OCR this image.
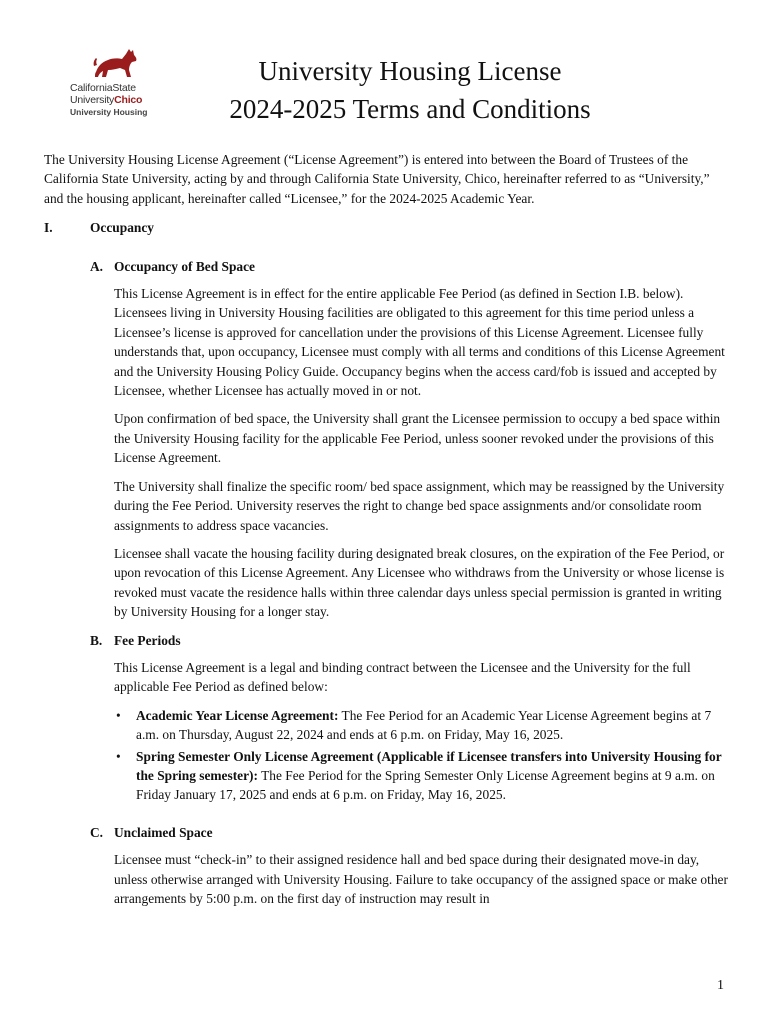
CaliforniaState
UniversityChico
University Housing
University Housing License
2024-2025 Terms and Conditions

The University Housing License Agreement (“License Agreement”) is entered into between the Board of Trustees of the California State University, acting by and through California State University, Chico, hereinafter referred to as “University,” and the housing applicant, hereinafter called “Licensee,” for the 2024-2025 Academic Year.

I.	Occupancy
A. Occupancy of Bed Space

This License Agreement is in effect for the entire applicable Fee Period (as defined in Section I.B. below). Licensees living in University Housing facilities are obligated to this agreement for this time period unless a Licensee’s license is approved for cancellation under the provisions of this License Agreement. Licensee fully understands that, upon occupancy, Licensee must comply with all terms and conditions of this License Agreement and the University Housing Policy Guide. Occupancy begins when the access card/fob is issued and accepted by Licensee, whether Licensee has actually moved in or not.

Upon confirmation of bed space, the University shall grant the Licensee permission to occupy a bed space within the University Housing facility for the applicable Fee Period, unless sooner revoked under the provisions of this License Agreement.

The University shall finalize the specific room/ bed space assignment, which may be reassigned by the University during the Fee Period. University reserves the right to change bed space assignments and/or consolidate room assignments to address space vacancies.

Licensee shall vacate the housing facility during designated break closures, on the expiration of the Fee Period, or upon revocation of this License Agreement. Any Licensee who withdraws from the University or whose license is revoked must vacate the residence halls within three calendar days unless special permission is granted in writing by University Housing for a longer stay.

B. Fee Periods

This License Agreement is a legal and binding contract between the Licensee and the University for the full applicable Fee Period as defined below:

• Academic Year License Agreement: The Fee Period for an Academic Year License Agreement begins at 7 a.m. on Thursday, August 22, 2024 and ends at 6 p.m. on Friday, May 16, 2025.
• Spring Semester Only License Agreement (Applicable if Licensee transfers into University Housing for the Spring semester): The Fee Period for the Spring Semester Only License Agreement begins at 9 a.m. on Friday January 17, 2025 and ends at 6 p.m. on Friday, May 16, 2025.
C. Unclaimed Space

Licensee must “check-in” to their assigned residence hall and bed space during their designated move-in day, unless otherwise arranged with University Housing. Failure to take occupancy of the assigned space or make other arrangements by 5:00 p.m. on the first day of instruction may result in

1
